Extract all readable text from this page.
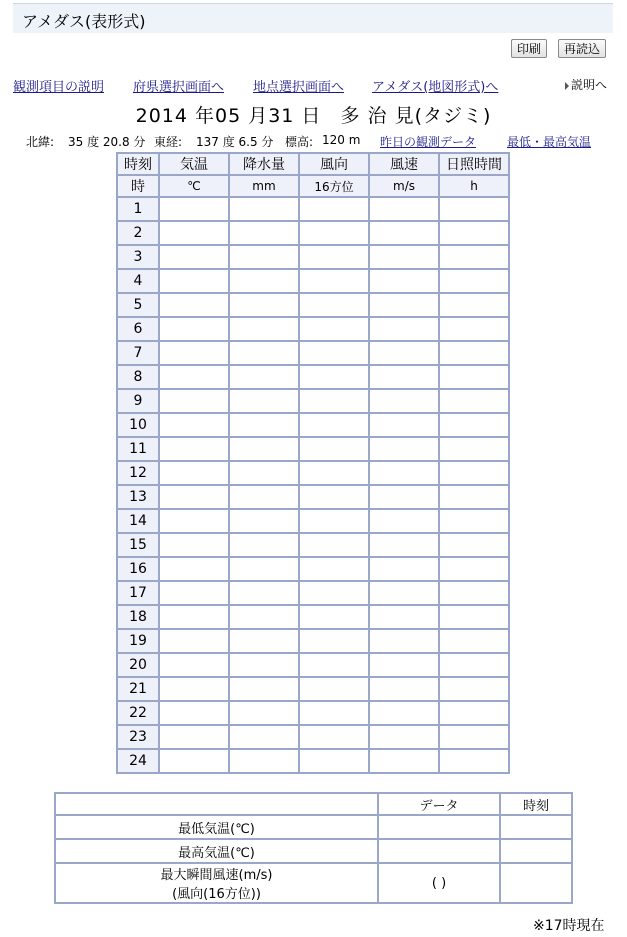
アメダス(表形式)
印刷	再読込
観測項目の説明 府県選択画面へ 地点選択画面へ アメダス(地図形式)へ	説明へ
2014 年05 月31 日 多 治 見(タジミ)
北緯: 35 度 20.8 分 東経: 137 度 6.5 分 標高: 120 m 昨日の観測データ	最低・最高気温
時刻	気温	降水量	風向	風速	日照時間
時	℃	mm	16方位	m/s	h
1					
2					
3					
4					
5					
6					
7					
8					
9					
10					
11					
12					
13					
14					
15					
16					
17					
18					
19					
20					
21					
22					
23					
24					
	データ	時刻
最低気温(℃)		
最高気温(℃)		

最大瞬間風速(m/s)
(風向(16方位))	( )	
※17時現在
